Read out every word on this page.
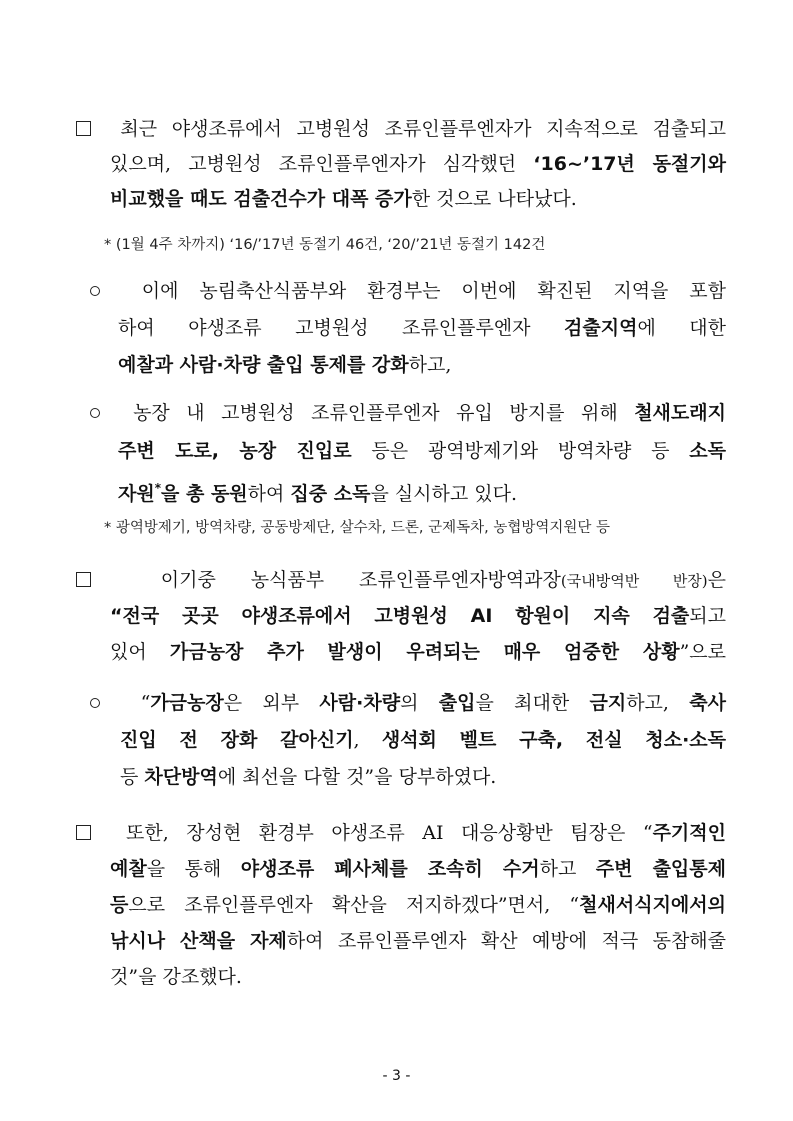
최근 야생조류에서 고병원성 조류인플루엔자가 지속적으로 검출되고
있으며, 고병원성 조류인플루엔자가 심각했던 ‘16~’17년 동절기와
비교했을 때도 검출건수가 대폭 증가한 것으로 나타났다.
* (1월 4주 차까지) ‘16/’17년 동절기 46건, ‘20/’21년 동절기 142건
이에 농림축산식품부와 환경부는 이번에 확진된 지역을 포함
하여 야생조류 고병원성 조류인플루엔자 검출지역에 대한
예찰과 사람·차량 출입 통제를 강화하고,
농장 내 고병원성 조류인플루엔자 유입 방지를 위해 철새도래지
주변 도로, 농장 진입로 등은 광역방제기와 방역차량 등 소독
자원*을 총 동원하여 집중 소독을 실시하고 있다.
* 광역방제기, 방역차량, 공동방제단, 살수차, 드론, 군제독차, 농협방역지원단 등
이기중 농식품부 조류인플루엔자방역과장(국내방역반 반장)은
“전국 곳곳 야생조류에서 고병원성 AI 항원이 지속 검출되고
있어 가금농장 추가 발생이 우려되는 매우 엄중한 상황”으로
“가금농장은 외부 사람·차량의 출입을 최대한 금지하고, 축사
진입 전 장화 갈아신기, 생석회 벨트 구축, 전실 청소·소독
등 차단방역에 최선을 다할 것”을 당부하였다.
또한, 장성현 환경부 야생조류 AI 대응상황반 팀장은 “주기적인
예찰을 통해 야생조류 폐사체를 조속히 수거하고 주변 출입통제
등으로 조류인플루엔자 확산을 저지하겠다”면서, “철새서식지에서의
낚시나 산책을 자제하여 조류인플루엔자 확산 예방에 적극 동참해줄
것”을 강조했다.
- 3 -
